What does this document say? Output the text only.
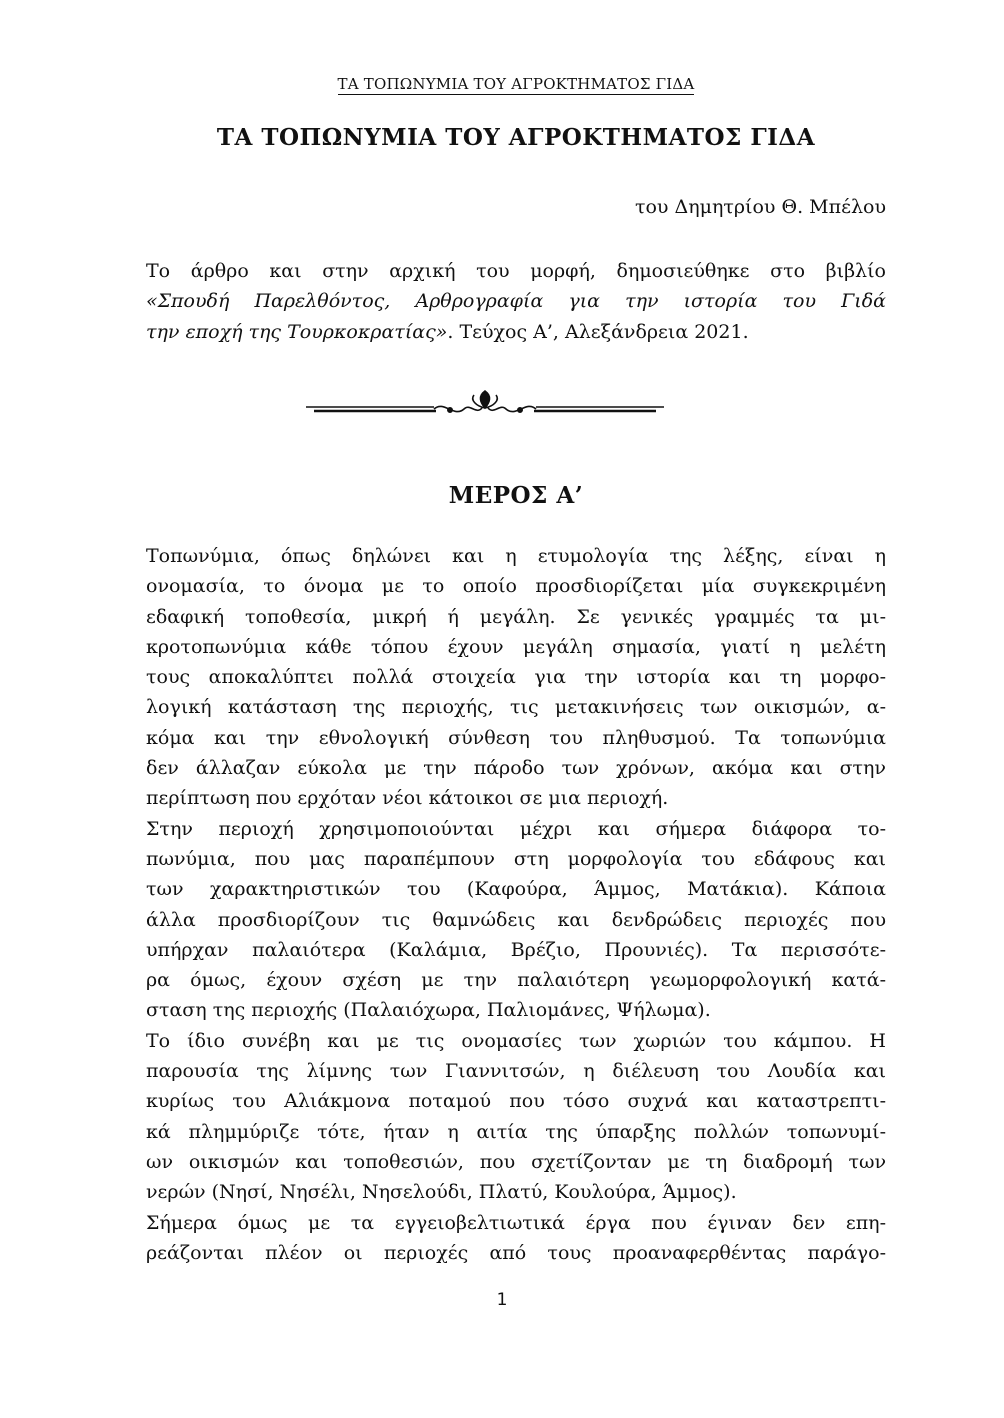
ΤΑ ΤΟΠΩΝΥΜΙΑ ΤΟΥ ΑΓΡΟΚΤΗΜΑΤΟΣ ΓΙΔΑ
ΤΑ ΤΟΠΩΝΥΜΙΑ ΤΟΥ ΑΓΡΟΚΤΗΜΑΤΟΣ ΓΙΔΑ
του Δημητρίου Θ. Μπέλου
Το άρθρο και στην αρχική του μορφή, δημοσιεύθηκε στο βιβλίο
«Σπουδή Παρελθόντος, Αρθρογραφία για την ιστορία του Γιδά
την εποχή της Τουρκοκρατίας». Τεύχος Α’, Αλεξάνδρεια 2021.
ΜΕΡΟΣ Α’
Τοπωνύμια, όπως δηλώνει και η ετυμολογία της λέξης, είναι η
ονομασία, το όνομα με το οποίο προσδιορίζεται μία συγκεκριμένη
εδαφική τοποθεσία, μικρή ή μεγάλη. Σε γενικές γραμμές τα μι-
κροτοπωνύμια κάθε τόπου έχουν μεγάλη σημασία, γιατί η μελέτη
τους αποκαλύπτει πολλά στοιχεία για την ιστορία και τη μορφο-
λογική κατάσταση της περιοχής, τις μετακινήσεις των οικισμών, α-
κόμα και την εθνολογική σύνθεση του πληθυσμού. Τα τοπωνύμια
δεν άλλαζαν εύκολα με την πάροδο των χρόνων, ακόμα και στην
περίπτωση που ερχόταν νέοι κάτοικοι σε μια περιοχή.
Στην περιοχή χρησιμοποιούνται μέχρι και σήμερα διάφορα το-
πωνύμια, που μας παραπέμπουν στη μορφολογία του εδάφους και
των χαρακτηριστικών του (Καφούρα, Άμμος, Ματάκια). Κάποια
άλλα προσδιορίζουν τις θαμνώδεις και δενδρώδεις περιοχές που
υπήρχαν παλαιότερα (Καλάμια, Βρέζιο, Προυνιές). Τα περισσότε-
ρα όμως, έχουν σχέση με την παλαιότερη γεωμορφολογική κατά-
σταση της περιοχής (Παλαιόχωρα, Παλιομάνες, Ψήλωμα).
Το ίδιο συνέβη και με τις ονομασίες των χωριών του κάμπου. Η
παρουσία της λίμνης των Γιαννιτσών, η διέλευση του Λουδία και
κυρίως του Αλιάκμονα ποταμού που τόσο συχνά και καταστρεπτι-
κά πλημμύριζε τότε, ήταν η αιτία της ύπαρξης πολλών τοπωνυμί-
ων οικισμών και τοποθεσιών, που σχετίζονταν με τη διαδρομή των
νερών (Νησί, Νησέλι, Νησελούδι, Πλατύ, Κουλούρα, Άμμος).
Σήμερα όμως με τα εγγειοβελτιωτικά έργα που έγιναν δεν επη-
ρεάζονται πλέον οι περιοχές από τους προαναφερθέντας παράγο-
1
